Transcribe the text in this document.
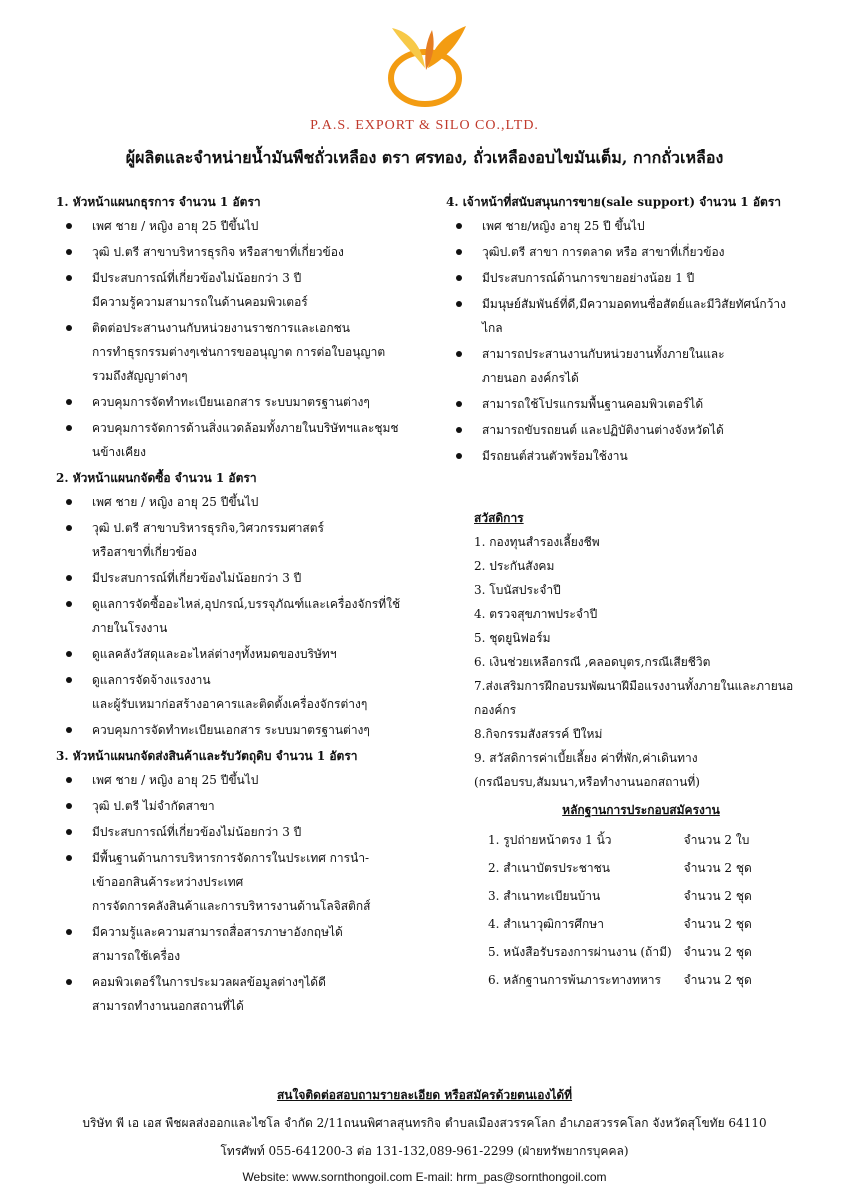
P.A.S. EXPORT & SILO CO.,LTD.
ผู้ผลิตและจำหน่ายน้ำมันพืชถั่วเหลือง ตรา ศรทอง, ถั่วเหลืองอบไขมันเต็ม, กากถั่วเหลือง
1. หัวหน้าแผนกธุรการ จำนวน 1 อัตรา
เพศ ชาย / หญิง อายุ 25 ปีขึ้นไป
วุฒิ ป.ตรี สาขาบริหารธุรกิจ หรือสาขาที่เกี่ยวข้อง
มีประสบการณ์ที่เกี่ยวข้องไม่น้อยกว่า 3 ปี
มีความรู้ความสามารถในด้านคอมพิวเตอร์
ติดต่อประสานงานกับหน่วยงานราชการและเอกชน
การทำธุรกรรมต่างๆเช่นการขออนุญาต การต่อใบอนุญาต
รวมถึงสัญญาต่างๆ
ควบคุมการจัดทำทะเบียนเอกสาร ระบบมาตรฐานต่างๆ
ควบคุมการจัดการด้านสิ่งแวดล้อมทั้งภายในบริษัทฯและชุมช
นข้างเคียง
2. หัวหน้าแผนกจัดซื้อ จำนวน 1 อัตรา
เพศ ชาย / หญิง อายุ 25 ปีขึ้นไป
วุฒิ ป.ตรี สาขาบริหารธุรกิจ,วิศวกรรมศาสตร์
หรือสาขาที่เกี่ยวข้อง
มีประสบการณ์ที่เกี่ยวข้องไม่น้อยกว่า 3 ปี
ดูแลการจัดซื้ออะไหล่,อุปกรณ์,บรรจุภัณฑ์และเครื่องจักรที่ใช้
ภายในโรงงาน
ดูแลคลังวัสดุและอะไหล่ต่างๆทั้งหมดของบริษัทฯ
ดูแลการจัดจ้างแรงงาน
และผู้รับเหมาก่อสร้างอาคารและติดตั้งเครื่องจักรต่างๆ
ควบคุมการจัดทำทะเบียนเอกสาร ระบบมาตรฐานต่างๆ
3. หัวหน้าแผนกจัดส่งสินค้าและรับวัตถุดิบ จำนวน 1 อัตรา
เพศ ชาย / หญิง อายุ 25 ปีขึ้นไป
วุฒิ ป.ตรี ไม่จำกัดสาขา
มีประสบการณ์ที่เกี่ยวข้องไม่น้อยกว่า 3 ปี
มีพื้นฐานด้านการบริหารการจัดการในประเทศ การนำ-
เข้าออกสินค้าระหว่างประเทศ
การจัดการคลังสินค้าและการบริหารงานด้านโลจิสติกส์
มีความรู้และความสามารถสื่อสารภาษาอังกฤษได้
สามารถใช้เครื่อง
คอมพิวเตอร์ในการประมวลผลข้อมูลต่างๆได้ดี
สามารถทำงานนอกสถานที่ได้
4. เจ้าหน้าที่สนับสนุนการขาย(sale support) จำนวน 1 อัตรา
เพศ ชาย/หญิง อายุ 25 ปี ขึ้นไป
วุฒิป.ตรี สาขา การตลาด หรือ สาขาที่เกี่ยวข้อง
มีประสบการณ์ด้านการขายอย่างน้อย 1 ปี
มีมนุษย์สัมพันธ์ที่ดี,มีความอดทนซื่อสัตย์และมีวิสัยทัศน์กว้าง
ไกล
สามารถประสานงานกับหน่วยงานทั้งภายในและ
ภายนอก องค์กรได้
สามารถใช้โปรแกรมพื้นฐานคอมพิวเตอร์ได้
สามารถขับรถยนต์ และปฏิบัติงานต่างจังหวัดได้
มีรถยนต์ส่วนตัวพร้อมใช้งาน
สวัสดิการ
1. กองทุนสำรองเลี้ยงชีพ
2. ประกันสังคม
3. โบนัสประจำปี
4. ตรวจสุขภาพประจำปี
5. ชุดยูนิฟอร์ม
6. เงินช่วยเหลือกรณี ,คลอดบุตร,กรณีเสียชีวิต
7.ส่งเสริมการฝึกอบรมพัฒนาฝีมือแรงงานทั้งภายในและภายนอ
กองค์กร
8.กิจกรรมสังสรรค์ ปีใหม่
9. สวัสดิการค่าเบี้ยเลี้ยง ค่าที่พัก,ค่าเดินทาง
(กรณีอบรบ,สัมมนา,หรือทำงานนอกสถานที่)
หลักฐานการประกอบสมัครงาน
1. รูปถ่ายหน้าตรง 1 นิ้ว	จำนวน 2 ใบ
2. สำเนาบัตรประชาชน	จำนวน 2 ชุด
3. สำเนาทะเบียนบ้าน	จำนวน 2 ชุด
4. สำเนาวุฒิการศึกษา	จำนวน 2 ชุด
5. หนังสือรับรองการผ่านงาน (ถ้ามี)	จำนวน 2 ชุด
6. หลักฐานการพ้นภาระทางทหาร	จำนวน 2 ชุด
สนใจติดต่อสอบถามรายละเอียด หรือสมัครด้วยตนเองได้ที่
บริษัท พี เอ เอส พืชผลส่งออกและไซโล จำกัด 2/11ถนนพิศาลสุนทรกิจ ตำบลเมืองสวรรคโลก อำเภอสวรรคโลก จังหวัดสุโขทัย 64110
โทรศัพท์ 055-641200-3 ต่อ 131-132,089-961-2299 (ฝ่ายทรัพยากรบุคคล)
Website: www.sornthongoil.com E-mail: hrm_pas@sornthongoil.com
